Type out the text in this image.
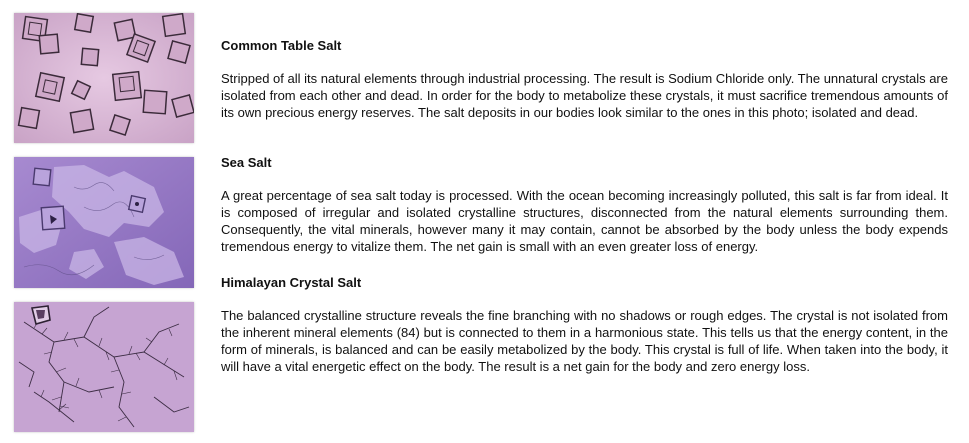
Common Table Salt

Stripped of all its natural elements through industrial processing. The result is Sodium Chloride only. The unnatural crystals are isolated from each other and dead. In order for the body to metabolize these crystals, it must sacrifice tremendous amounts of its own precious energy reserves. The salt deposits in our bodies look similar to the ones in this photo; isolated and dead.

Sea Salt

A great percentage of sea salt today is processed. With the ocean becoming increasingly polluted, this salt is far from ideal. It is composed of irregular and isolated crystalline structures, disconnected from the natural elements surrounding them. Consequently, the vital minerals, however many it may contain, cannot be absorbed by the body unless the body expends tremendous energy to vitalize them. The net gain is small with an even greater loss of energy.

Himalayan Crystal Salt

The balanced crystalline structure reveals the fine branching with no shadows or rough edges. The crystal is not isolated from the inherent mineral elements (84) but is connected to them in a harmonious state. This tells us that the energy content, in the form of minerals, is balanced and can be easily metabolized by the body. This crystal is full of life. When taken into the body, it will have a vital energetic effect on the body. The result is a net gain for the body and zero energy loss.
